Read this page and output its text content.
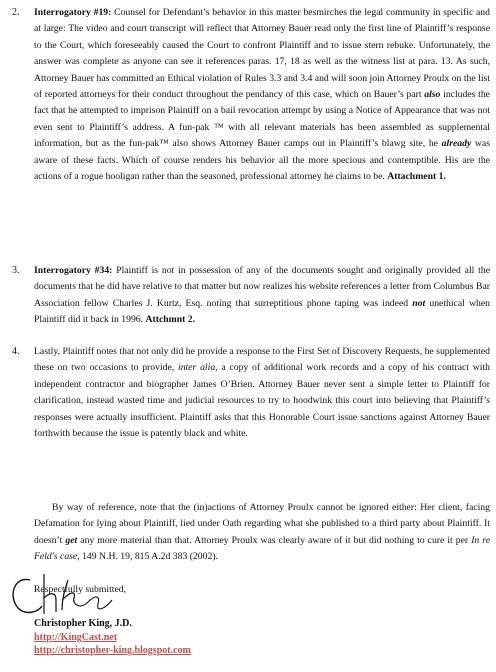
2. Interrogatory #19: Counsel for Defendant’s behavior in this matter besmirches the legal community in specific and at large: The video and court transcript will reflect that Attorney Bauer read only the first line of Plaintiff’s response to the Court, which foreseeably caused the Court to confront Plaintiff and to issue stern rebuke. Unfortunately, the answer was complete as anyone can see it references paras. 17, 18 as well as the witness list at para. 13. As such, Attorney Bauer has committed an Ethical violation of Rules 3.3 and 3.4 and will soon join Attorney Proulx on the list of reported attorneys for their conduct throughout the pendancy of this case, which on Bauer’s part also includes the fact that he attempted to imprison Plaintiff on a bail revocation attempt by using a Notice of Appearance that was not even sent to Plaintiff’s address. A fun-pak ™ with all relevant materials has been assembled as supplemental information, but as the fun-pak™ also shows Attorney Bauer camps out in Plaintiff’s blawg site, he already was aware of these facts. Which of course renders his behavior all the more specious and contemptible. His are the actions of a rogue hooligan rather than the seasoned, professional attorney he claims to be. Attachment 1.
3. Interrogatory #34: Plaintiff is not in possession of any of the documents sought and originally provided all the documents that he did have relative to that matter but now realizes his website references a letter from Columbus Bar Association fellow Charles J. Kurtz, Esq. noting that surreptitious phone taping was indeed not unethical when Plaintiff did it back in 1996. Attchmnt 2.
4. Lastly, Plaintiff notes that not only did he provide a response to the First Set of Discovery Requests, he supplemented these on two occasions to provide, inter alia, a copy of additional work records and a copy of his contract with independent contractor and biographer James O’Brien. Attorney Bauer never sent a simple letter to Plaintiff for clarification, instead wasted time and judicial resources to try to hoodwink this court into believing that Plaintiff’s responses were actually insufficient. Plaintiff asks that this Honorable Court issue sanctions against Attorney Bauer forthwith because the issue is patently black and white.
By way of reference, note that the (in)actions of Attorney Proulx cannot be ignored either: Her client, facing Defamation for lying about Plaintiff, lied under Oath regarding what she published to a third party about Plaintiff. It doesn’t get any more material than that. Attorney Proulx was clearly aware of it but did nothing to cure it per In re Feld's case, 149 N.H. 19, 815 A.2d 383 (2002).
Respectfully submitted,
Christopher King, J.D.
http://KingCast.net
http://christopher-king.blogspot.com
